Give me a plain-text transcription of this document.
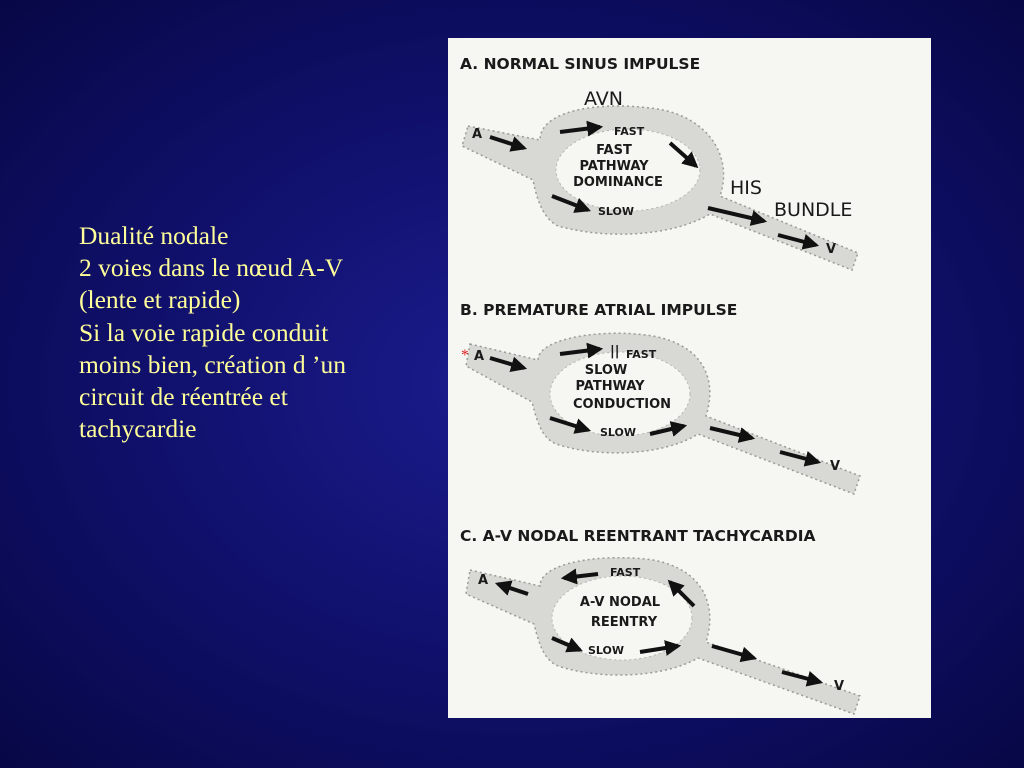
Dualité nodale
2 voies dans le nœud A-V
(lente et rapide)
Si la voie rapide conduit
moins bien, création d ’un
circuit de réentrée et
tachycardie
A. NORMAL SINUS IMPULSE
AVN
A	FAST
FAST
PATHWAY
DOMINANCE
SLOW
HIS
BUNDLE
V
B. PREMATURE ATRIAL IMPULSE
* A	|| FAST
SLOW
PATHWAY
CONDUCTION
SLOW
V
C. A-V NODAL REENTRANT TACHYCARDIA
A
FAST
A-V NODAL
REENTRY
SLOW
V
